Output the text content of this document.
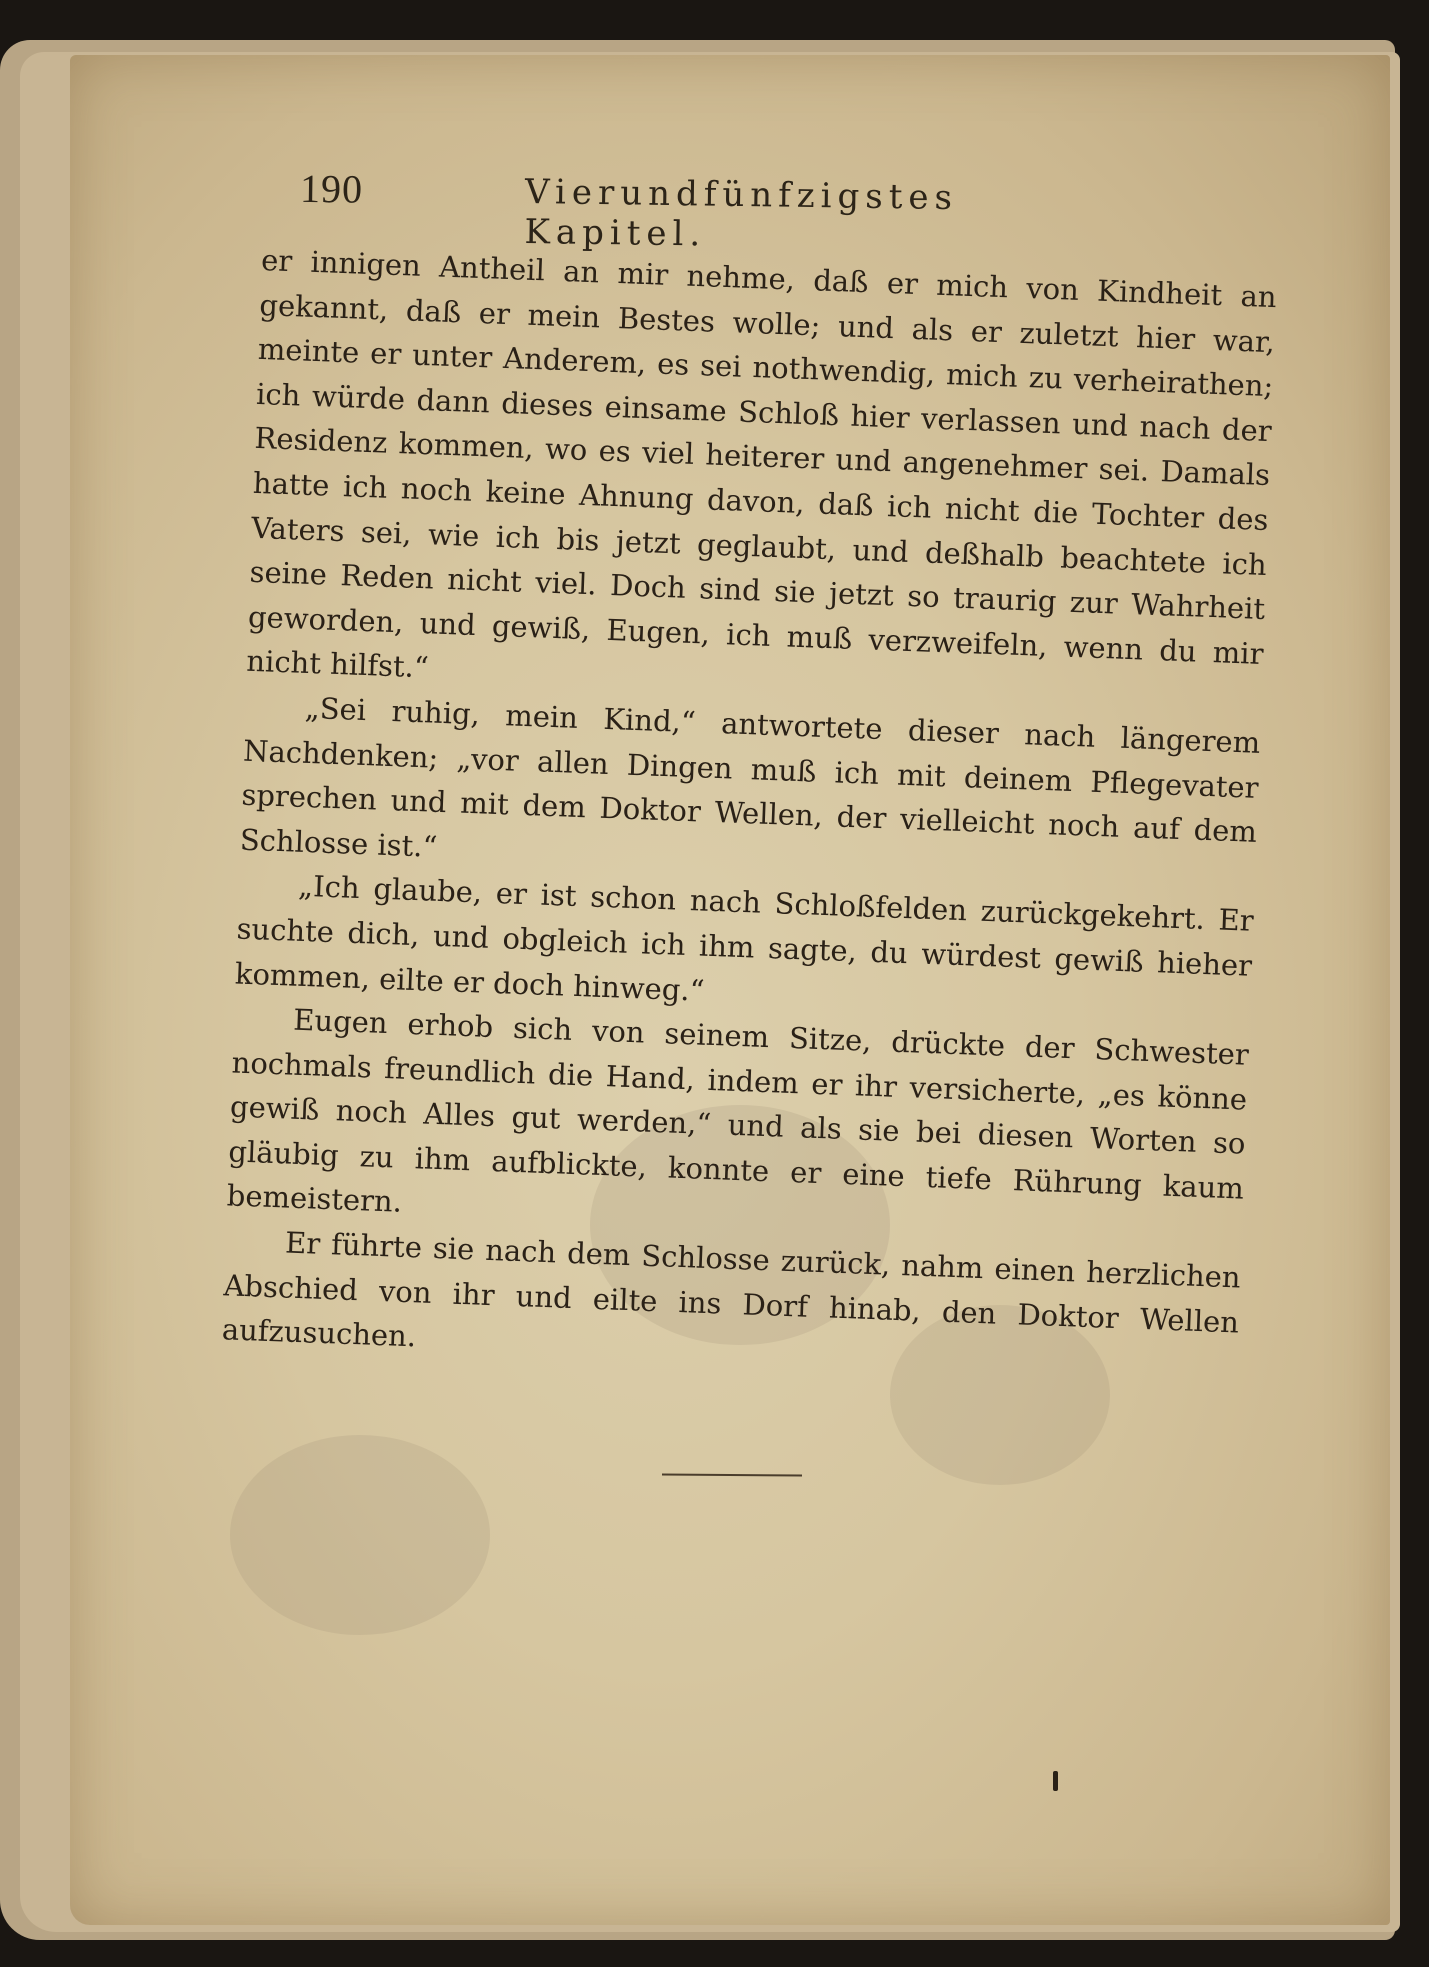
190	Vierundfünfzigstes Kapitel.

er innigen Antheil an mir nehme, daß er mich von Kindheit an gekannt, daß er mein Bestes wolle; und als er zuletzt hier war, meinte er unter Anderem, es sei nothwendig, mich zu verheirathen; ich würde dann dieses einsame Schloß hier verlassen und nach der Residenz kommen, wo es viel heiterer und angenehmer sei. Damals hatte ich noch keine Ahnung davon, daß ich nicht die Tochter des Vaters sei, wie ich bis jetzt geglaubt, und deßhalb beachtete ich seine Reden nicht viel. Doch sind sie jetzt so traurig zur Wahrheit geworden, und gewiß, Eugen, ich muß verzweifeln, wenn du mir nicht hilfst.“

„Sei ruhig, mein Kind,“ antwortete dieser nach längerem Nachdenken; „vor allen Dingen muß ich mit deinem Pflegevater sprechen und mit dem Doktor Wellen, der vielleicht noch auf dem Schlosse ist.“

„Ich glaube, er ist schon nach Schloßfelden zurückgekehrt. Er suchte dich, und obgleich ich ihm sagte, du würdest gewiß hieher kommen, eilte er doch hinweg.“

Eugen erhob sich von seinem Sitze, drückte der Schwester nochmals freundlich die Hand, indem er ihr versicherte, „es könne gewiß noch Alles gut werden,“ und als sie bei diesen Worten so gläubig zu ihm aufblickte, konnte er eine tiefe Rührung kaum bemeistern.

Er führte sie nach dem Schlosse zurück, nahm einen herzlichen Abschied von ihr und eilte ins Dorf hinab, den Doktor Wellen aufzusuchen.
